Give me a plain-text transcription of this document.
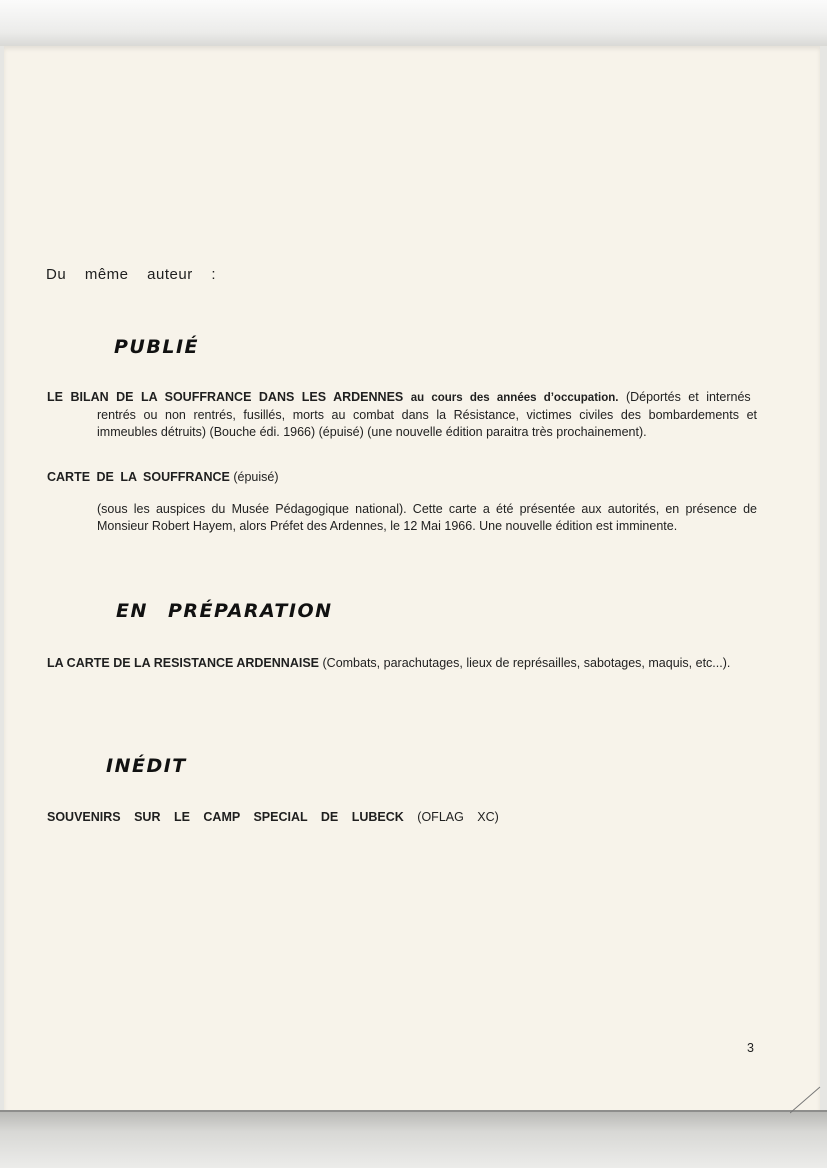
Du même auteur :
PUBLIÉ
LE BILAN DE LA SOUFFRANCE DANS LES ARDENNES au cours des années d’occupation. (Déportés et internés
rentrés ou non rentrés, fusillés, morts au combat dans la Résistance, victimes civiles des bombardements et immeubles détruits) (Bouche édi. 1966) (épuisé) (une nouvelle édition paraitra très prochainement).
CARTE DE LA SOUFFRANCE (épuisé)
(sous les auspices du Musée Pédagogique national). Cette carte a été présentée aux autorités, en présence de Monsieur Robert Hayem, alors Préfet des Ardennes, le 12 Mai 1966. Une nouvelle édition est imminente.
EN PRÉPARATION
LA CARTE DE LA RESISTANCE ARDENNAISE (Combats, parachutages, lieux de représailles, sabotages, maquis, etc...).
INÉDIT
SOUVENIRS SUR LE CAMP SPECIAL DE LUBECK (OFLAG XC)
3
